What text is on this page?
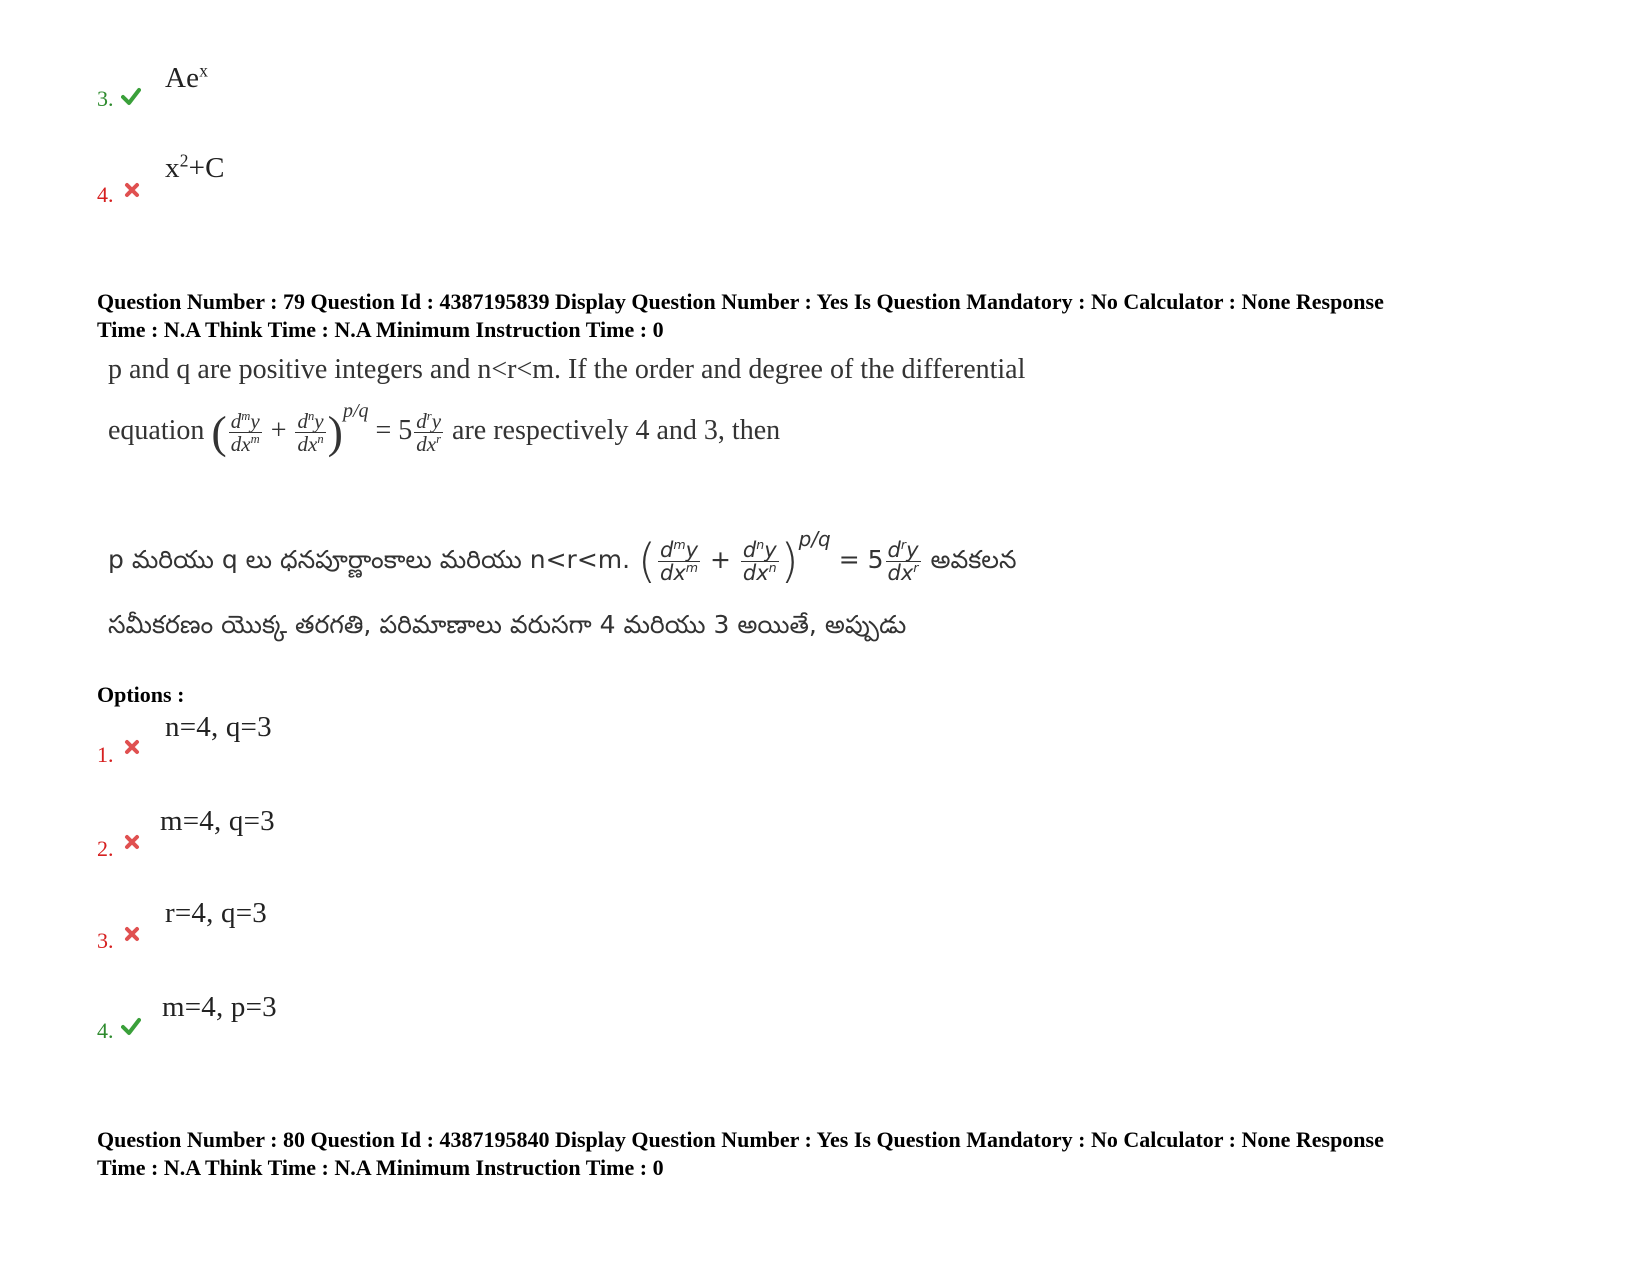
3.
Ae$^x$
4.
$x^2+C$
Question Number : 79 Question Id : 4387195839 Display Question Number : Yes Is Question Mandatory : No Calculator : None Response
Time : N.A Think Time : N.A Minimum Instruction Time : 0
p and q are positive integers and n<r<m. If the order and degree of the differential
equation ( $\frac{d^my}{dx^m} + \frac{d^ny}{dx^n} )^{p/q} = 5 \frac{d^ry}{dx^r}$ are respectively 4 and 3, then
p మరియు q లు ధనపూర్ణాంకాలు మరియు n<r<m. ( $\frac{d^my}{dx^m} + \frac{d^ny}{dx^n} )^{p/q} = 5 \frac{d^ry}{dx^r}$ అవకలన
సమీకరణం యొక్క తరగతి, పరిమాణాలు వరుసగా 4 మరియు 3 అయితే, అప్పుడు
Options :
1.
n=4, q=3
2.
m=4, q=3
3.
r=4, q=3
4.
m=4, p=3
Question Number : 80 Question Id : 4387195840 Display Question Number : Yes Is Question Mandatory : No Calculator : None Response
Time : N.A Think Time : N.A Minimum Instruction Time : 0
